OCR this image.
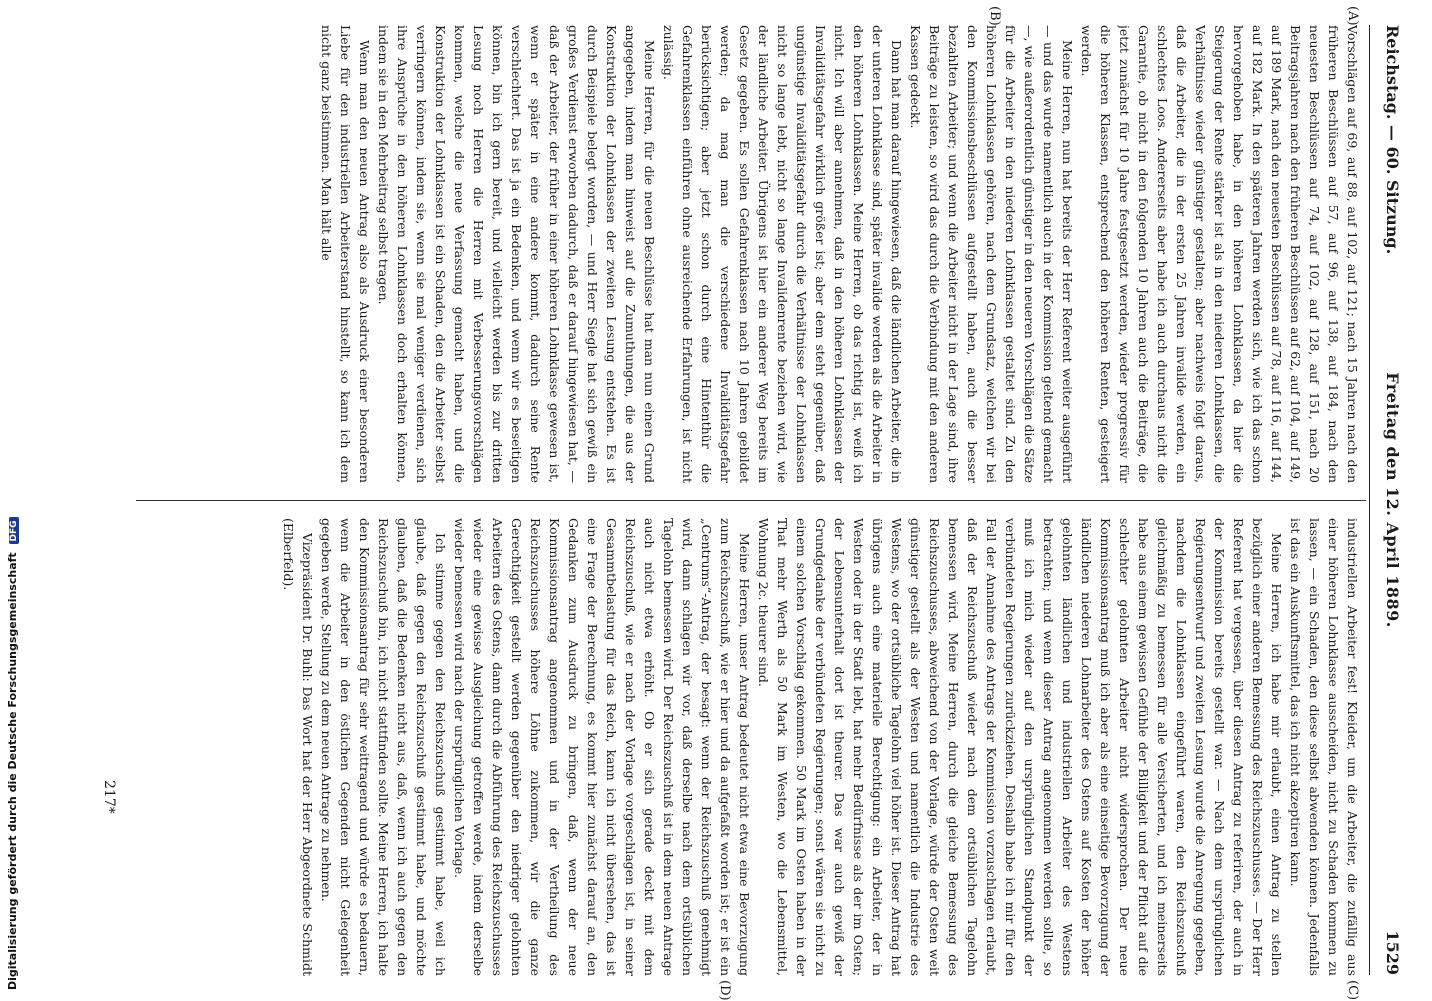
Reichstag. — 60. Sitzung.
Freitag den 12. April 1889.
1529
(A)
(B)
(C)
(D)

Vorschlägen auf 69, auf 88, auf 102, auf 121; nach 15 Jahren nach den früheren Beschlüssen auf 57, auf 96, auf 138, auf 184, nach den neuesten Beschlüssen auf 74, auf 102, auf 128, auf 151, nach 20 Beitragsjahren nach den früheren Beschlüssen auf 62, auf 104, auf 149, auf 189 Mark, nach den neuesten Beschlüssen auf 78, auf 116, auf 144, auf 182 Mark. In den späteren Jahren werden sich, wie ich das schon hervorgehoben habe, in den höheren Lohnklassen, da hier die Steigerung der Rente stärker ist als in den niederen Lohnklassen, die Verhältnisse wieder günstiger gestalten; aber nachweis folgt daraus, daß die Arbeiter, die in der ersten 25 Jahren invalide werden, ein schlechtes Loos. Andererseits aber habe ich auch durchaus nicht die Garantie, ob nicht in den folgenden 10 Jahren auch die Beiträge, die jetzt zunächst für 10 Jahre festgesetzt werden, wieder progressiv für die höheren Klassen, entsprechend den höheren Renten, gesteigert werden.

Meine Herren, nun hat bereits der Herr Referent weiter ausgeführt — und das wurde namentlich auch in der Kommission geltend gemacht —, wie außerordentlich günstiger in den neueren Vorschlägen die Sätze für die Arbeiter in den niederen Lohnklassen gestaltet sind. Zu den höheren Lohnklassen gehören, nach dem Grundsatz, welchen wir bei den Kommissionsbeschlüssen aufgestellt haben, auch die besser bezahlten Arbeiter; und wenn die Arbeiter nicht in der Lage sind, ihre Beiträge zu leisten, so wird das durch die Verbindung mit den anderen Kassen gedeckt.

Dann hat man darauf hingewiesen, daß die ländlichen Arbeiter, die in der unteren Lohnklasse sind, später invalide werden als die Arbeiter in den höheren Lohnklassen. Meine Herren, ob das richtig ist, weiß ich nicht. Ich will aber annehmen, daß in den höheren Lohnklassen der Invaliditätsgefahr wirklich größer ist; aber dem steht gegenüber, daß ungünstige Invaliditätsgefahr durch die Verhältnisse der Lohnklassen nicht so lange lebt, nicht so lange Invalidenrente beziehen wird, wie der ländliche Arbeiter. Übrigens ist hier ein anderer Weg bereits im Gesetz gegeben. Es sollen Gefahrenklassen nach 10 Jahren gebildet werden; da mag man die verschiedene Invaliditätsgefahr berücksichtigen; aber jetzt schon durch eine Hintenthür die Gefahrenklassen einführen ohne ausreichende Erfahrungen, ist nicht zulässig.

Meine Herren, für die neuen Beschlüsse hat man nun einen Grund angegeben, indem man hinweist auf die Zumuthungen, die aus der Konstruktion der Lohnklassen der zweiten Lesung entstehen. Es ist durch Beispiele belegt worden, — und Herr Siegle hat sich gewiß ein großes Verdienst erworben dadurch, daß er darauf hingewiesen hat, — daß der Arbeiter, der früher in einer höheren Lohnklasse gewesen ist, wenn er später in eine andere kommt, dadurch seine Rente verschlechtert. Das ist ja ein Bedenken, und wenn wir es beseitigen können, bin ich gern bereit, und vielleicht werden bis zur dritten Lesung noch Herren die Herren mit Verbesserungsvorschlägen kommen, welche die neue Verfassung gemacht haben, und die Konstruktion der Lohnklassen ist ein Schaden, den die Arbeiter selbst verringern können, indem sie, wenn sie mal weniger verdienen, sich ihre Ansprüche in den höheren Lohnklassen doch erhalten können, indem sie in den Mehrbeitrag selbst tragen.

Wenn man den neuen Antrag also als Ausdruck einer besonderen Liebe für den industriellen Arbeiterstand hinstellt, so kann ich dem nicht ganz beistimmen. Man hält alle

industriellen Arbeiter fest! Kleider, um die Arbeiter, die zufällig aus einer höheren Lohnklasse ausscheiden, nicht zu Schaden kommen zu lassen, — ein Schaden, den diese selbst abwenden können. Jedenfalls ist das ein Auskunftsmittel, das ich nicht akzeptiren kann.

Meine Herren, ich habe mir erlaubt, einen Antrag zu stellen bezüglich einer anderen Bemessung des Reichszuschusses. — Der Herr Referent hat vergessen, über diesen Antrag zu referiren, der auch in der Kommission bereits gestellt war. — Nach dem ursprünglichen Regierungsentwurf und zweiten Lesung wurde die Anregung gegeben, nachdem die Lohnklassen eingeführt waren, den Reichszuschuß gleichmäßig zu bemessen für alle Versicherten, und ich meinerseits habe aus einem gewissen Gefühle der Billigkeit und der Pflicht auf die schlechter gelohnten Arbeiter nicht widersprochen. Der neue Kommissionsantrag muß ich aber als eine einseitige Bevorzugung der ländlichen niederen Lohnarbeiter des Ostens auf Kosten der höher gelohnten ländlichen und industriellen Arbeiter des Westens betrachten; und wenn dieser Antrag angenommen werden sollte, so muß ich mich wieder auf den ursprünglichen Standpunkt der verbündeten Regierungen zurückziehen. Deshalb habe ich mir für den Fall der Annahme des Antrags der Kommission vorzuschlagen erlaubt, daß der Reichszuschuß wieder nach dem ortsüblichen Tagelohn bemessen wird. Meine Herren, durch die gleiche Bemessung des Reichszuschusses, abweichend von der Vorlage, würde der Osten weit günstiger gestellt als der Westen und namentlich die Industrie des Westens, wo der ortsübliche Tagelohn viel höher ist. Dieser Antrag hat übrigens auch eine materielle Berechtigung: ein Arbeiter, der in Westen oder in der Stadt lebt, hat mehr Bedürfnisse als der im Osten; der Lebensunterhalt dort ist theurer. Das war auch gewiß der Grundgedanke der verbündeten Regierungen; sonst wären sie nicht zu einem solchen Vorschlag gekommen. 50 Mark im Osten haben in der That mehr Werth als 50 Mark im Westen, wo die Lebensmittel, Wohnung 2c. theurer sind.

Meine Herren, unser Antrag bedeutet nicht etwa eine Bevorzugung zum Reichszuschuß, wie er hier und da aufgefaßt worden ist; er ist ein „Centrums“-Antrag, der besagt: wenn der Reichszuschuß genehmigt wird, dann schlagen wir vor, daß derselbe nach dem ortsüblichen Tagelohn bemessen wird. Der Reichszuschuß ist in dem neuen Antrage auch nicht etwa erhöht. Ob er sich gerade deckt mit dem Reichszuschuß, wie er nach der Vorlage vorgeschlagen ist, in seiner Gesammtbelastung für das Reich, kann ich nicht übersehen, das ist eine Frage der Berechnung, es kommt hier zunächst darauf an, den Gedanken zum Ausdruck zu bringen, daß, wenn der neue Kommissionsantrag angenommen und in der Vertheilung des Reichszuschusses höhere Löhne zukommen, wir die ganze Gerechtigkeit gestellt werden gegenüber den niedriger gelohnten Arbeitern des Ostens, dann durch die Abführung des Reichszuschusses wieder eine gewisse Ausgleichung getroffen werde, indem derselbe wieder bemessen wird nach der ursprünglichen Vorlage.

Ich stimme gegen den Reichszuschuß gestimmt habe, weil ich glaube, daß gegen den Reichszuschuß gestimmt habe, und möchte glauben, daß die Bedenken nicht aus, daß, wenn ich auch gegen den Reichszuschuß bin, ich nicht stattfinden sollte. Meine Herren, ich halte den Kommissionsantrag für sehr weittragend und würde es bedauern, wenn die Arbeiter in den östlichen Gegenden nicht Gelegenheit gegeben werde, Stellung zu dem neuen Antrage zu nehmen.

Vizepräsident Dr. Buhl: Das Wort hat der Herr Abgeordnete Schmidt (Elberfeld).

217*
Digitalisierung gefördert durch die Deutsche Forschungsgemeinschaft DFG
